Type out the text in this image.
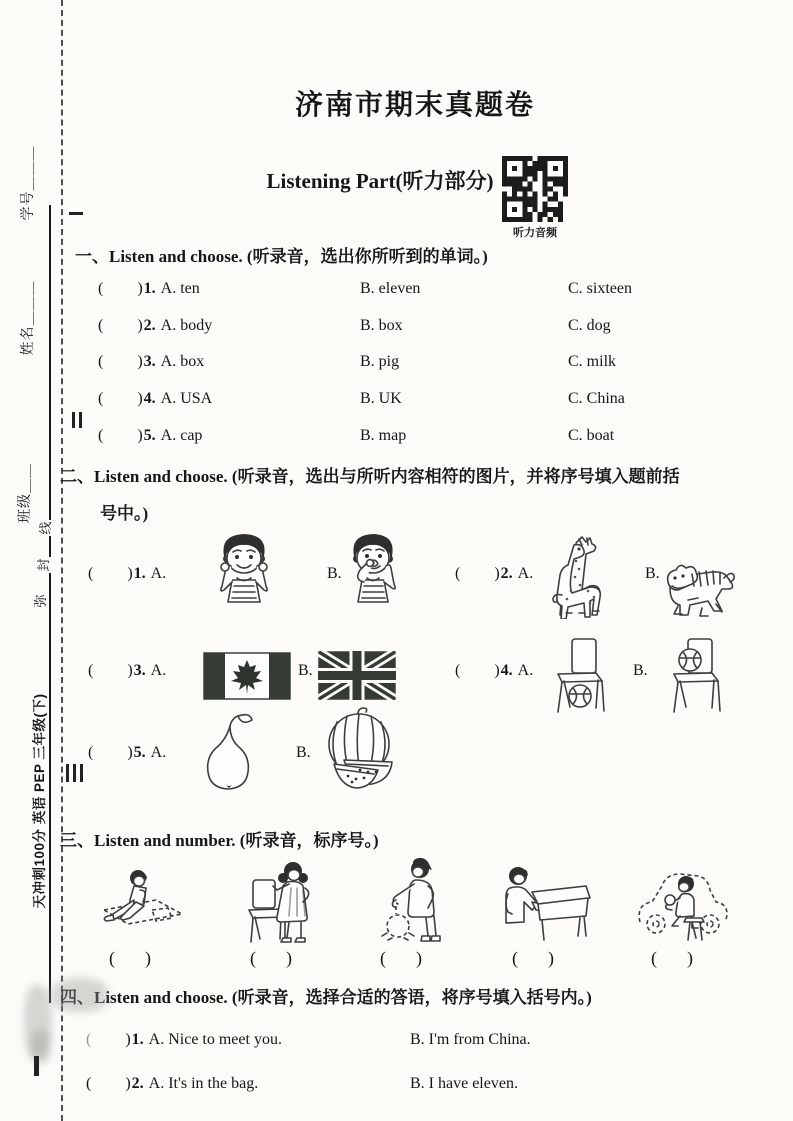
学号＿＿＿
姓名＿＿＿
班级＿＿
线
封
弥
天冲刺100分 英语 PEP 三年级(下)
济南市期末真题卷
Listening Part(听力部分)
听力音频
一、Listen and choose. (听录音，选出你所听到的单词。)
( )1. A. ten	B. eleven	C. sixteen
( )2. A. body	B. box	C. dog
( )3. A. box	B. pig	C. milk
( )4. A. USA	B. UK	C. China
( )5. A. cap	B. map	C. boat
二、Listen and choose. (听录音，选出与所听内容相符的图片，并将序号填入题前括
号中。)
( )1. A.	B.	( )2. A.	B.
( )3. A.	B.	( )4. A.	B.
( )5. A.	B.
三、Listen and number. (听录音，标序号。)
( )	( )	( )	( )	( )
四、Listen and choose. (听录音，选择合适的答语，将序号填入括号内。)
( )1. A. Nice to meet you.	B. I'm from China.
( )2. A. It's in the bag.	B. I have eleven.
